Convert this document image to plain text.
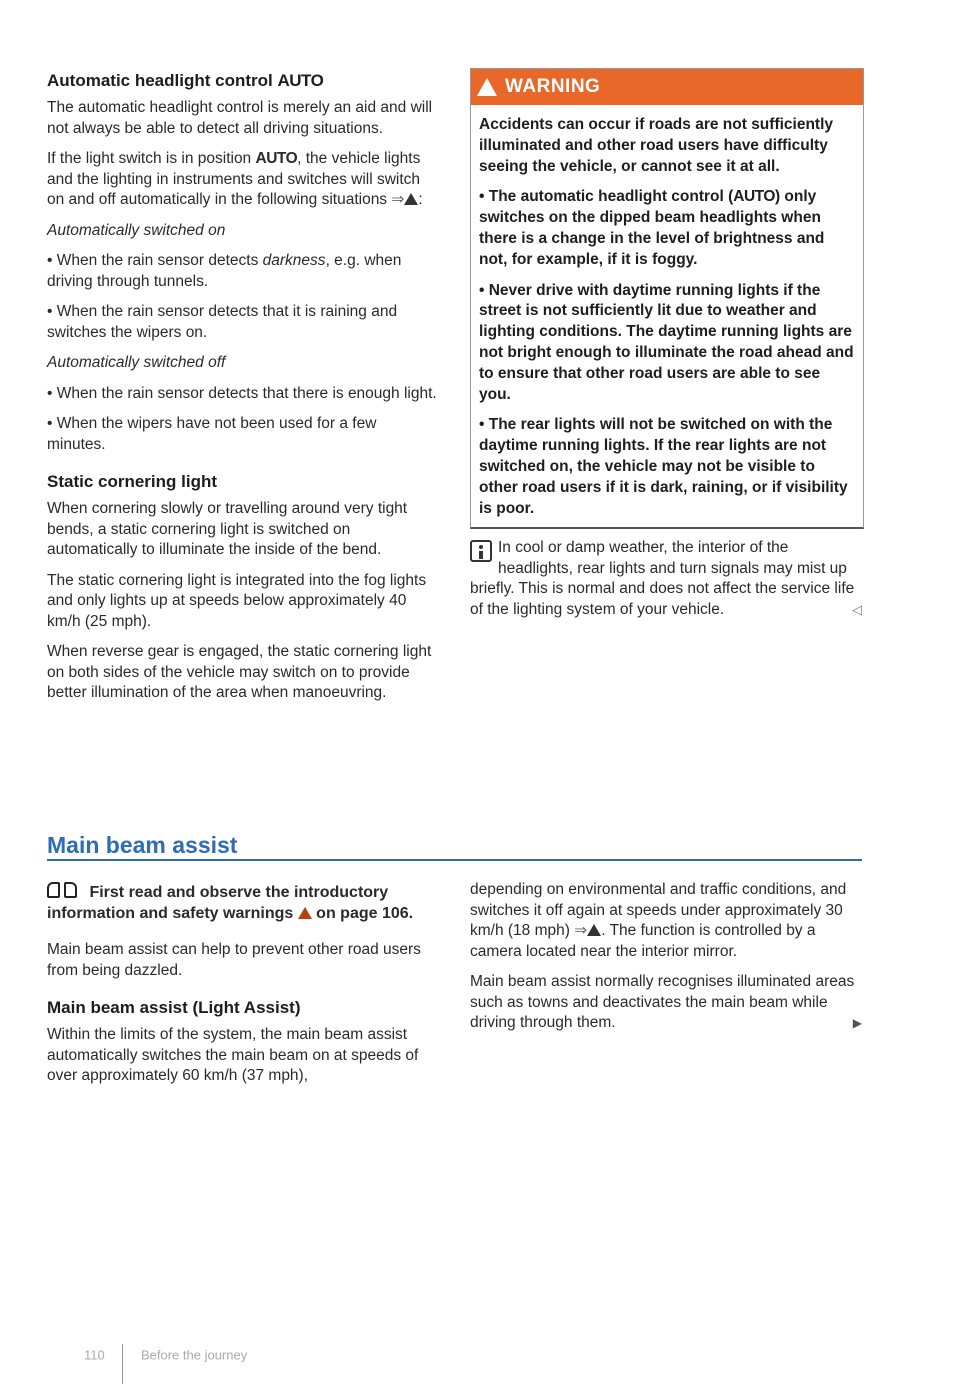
Automatic headlight control AUTO

The automatic headlight control is merely an aid and will not always be able to detect all driving situations.

If the light switch is in position AUTO, the vehicle lights and the lighting in instruments and switches will switch on and off automatically in the following situations ⇒ :

Automatically switched on

• When the rain sensor detects darkness, e.g. when driving through tunnels.

• When the rain sensor detects that it is raining and switches the wipers on.

Automatically switched off

• When the rain sensor detects that there is enough light.

• When the wipers have not been used for a few minutes.

Static cornering light

When cornering slowly or travelling around very tight bends, a static cornering light is switched on automatically to illuminate the inside of the bend.

The static cornering light is integrated into the fog lights and only lights up at speeds below approximately 40 km/h (25 mph).

When reverse gear is engaged, the static cornering light on both sides of the vehicle may switch on to provide better illumination of the area when manoeuvring.

WARNING

Accidents can occur if roads are not sufficiently illuminated and other road users have difficulty seeing the vehicle, or cannot see it at all.

• The automatic headlight control (AUTO) only switches on the dipped beam headlights when there is a change in the level of brightness and not, for example, if it is foggy.

• Never drive with daytime running lights if the street is not sufficiently lit due to weather and lighting conditions. The daytime running lights are not bright enough to illuminate the road ahead and to ensure that other road users are able to see you.

• The rear lights will not be switched on with the daytime running lights. If the rear lights are not switched on, the vehicle may not be visible to other road users if it is dark, raining, or if visibility is poor.

In cool or damp weather, the interior of the headlights, rear lights and turn signals may mist up briefly. This is normal and does not affect the service life of the lighting system of your vehicle.	◁
Main beam assist

First read and observe the introductory information and safety warnings on page 106.

Main beam assist can help to prevent other road users from being dazzled.

Main beam assist (Light Assist)

Within the limits of the system, the main beam assist automatically switches the main beam on at speeds of over approximately 60 km/h (37 mph),

depending on environmental and traffic conditions, and switches it off again at speeds under approximately 30 km/h (18 mph) ⇒ . The function is controlled by a camera located near the interior mirror.

Main beam assist normally recognises illuminated areas such as towns and deactivates the main beam while driving through them.	▶

110	Before the journey
